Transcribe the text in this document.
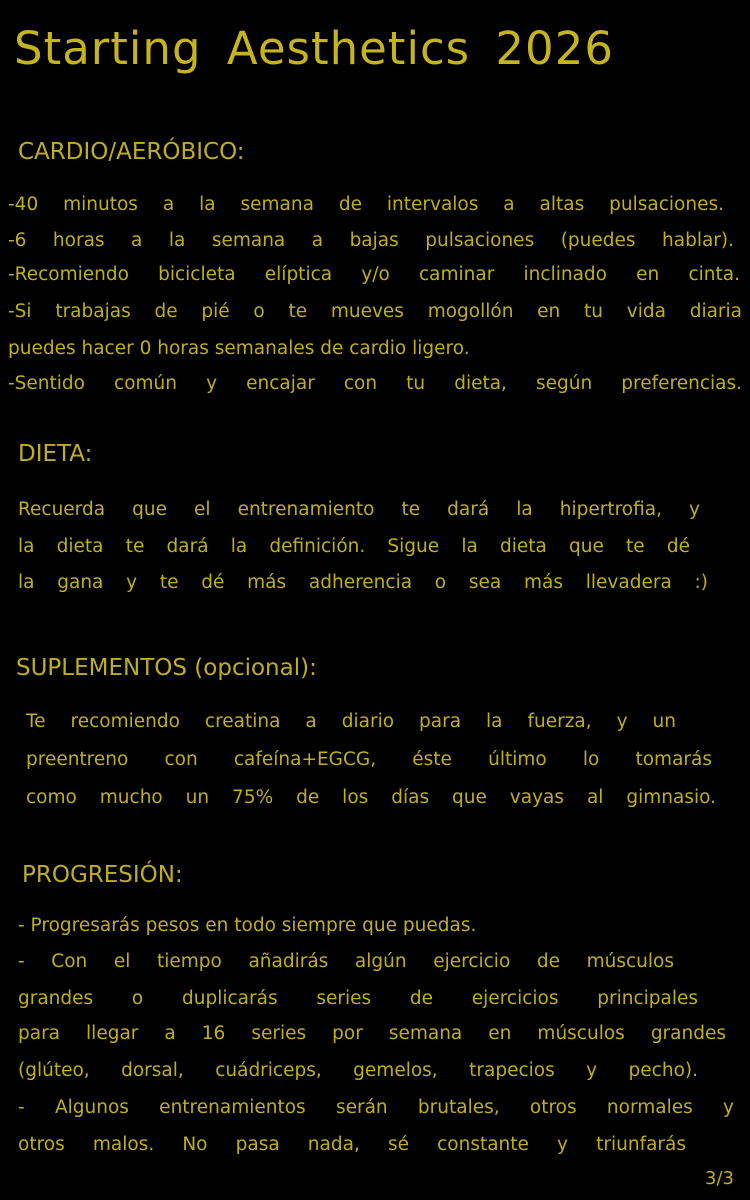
Starting Aesthetics 2026
CARDIO/AERÓBICO:

-40 minutos a la semana de intervalos a altas pulsaciones.

-6 horas a la semana a bajas pulsaciones (puedes hablar).

-Recomiendo bicicleta elíptica y/o caminar inclinado en cinta.

-Si trabajas de pié o te mueves mogollón en tu vida diaria

puedes hacer 0 horas semanales de cardio ligero.

-Sentido común y encajar con tu dieta, según preferencias.

DIETA:

Recuerda que el entrenamiento te dará la hipertrofia, y

la dieta te dará la definición. Sigue la dieta que te dé

la gana y te dé más adherencia o sea más llevadera :)

SUPLEMENTOS (opcional):

Te recomiendo creatina a diario para la fuerza, y un

preentreno con cafeína+EGCG, éste último lo tomarás

como mucho un 75% de los días que vayas al gimnasio.

PROGRESIÓN:

- Progresarás pesos en todo siempre que puedas.

- Con el tiempo añadirás algún ejercicio de músculos

grandes o duplicarás series de ejercicios principales

para llegar a 16 series por semana en músculos grandes

(glúteo, dorsal, cuádriceps, gemelos, trapecios y pecho).

- Algunos entrenamientos serán brutales, otros normales y

otros malos. No pasa nada, sé constante y triunfarás

3/3
